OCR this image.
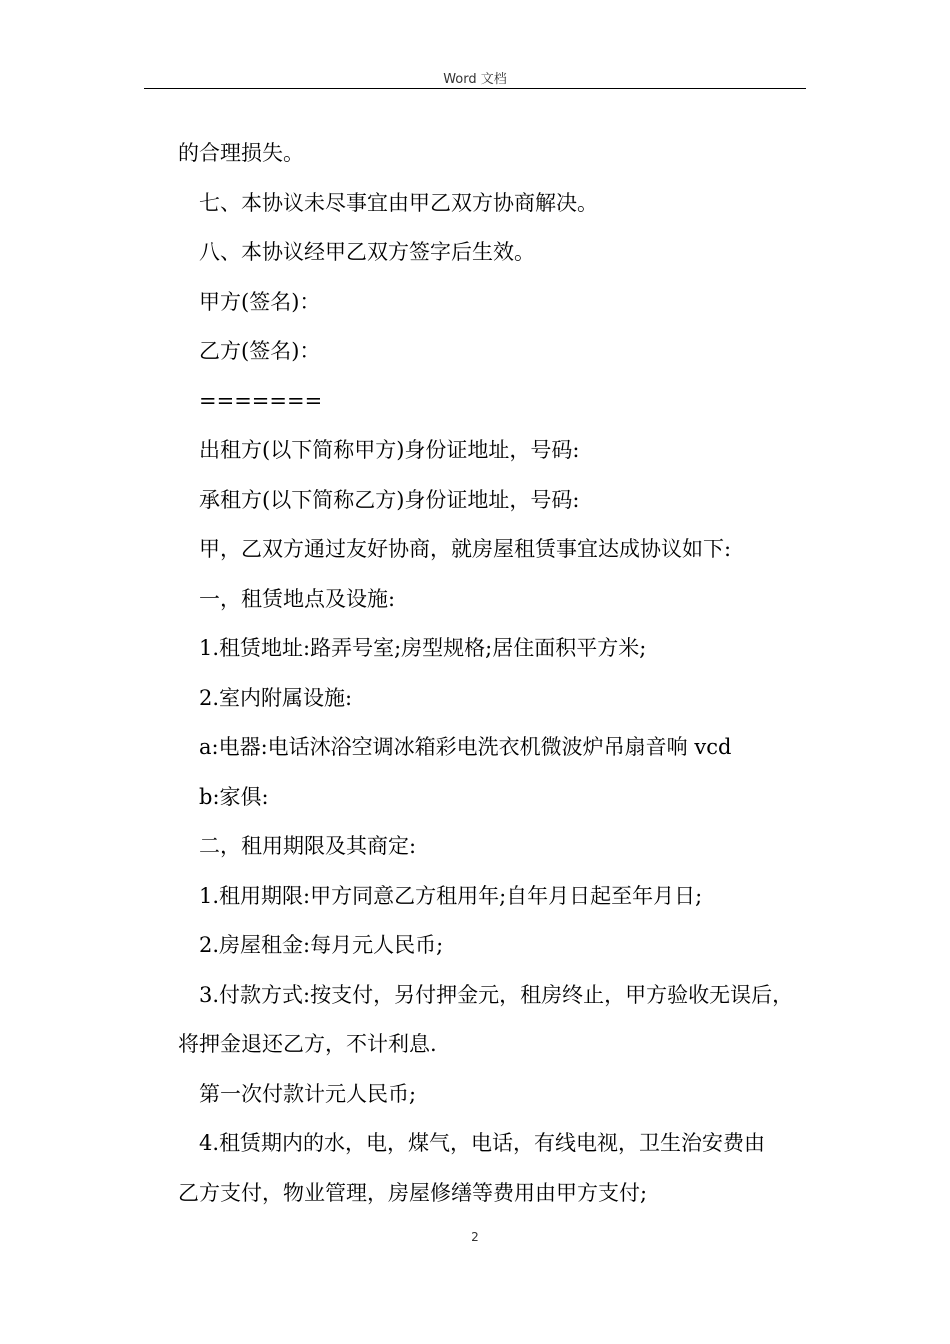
Word 文档
的合理损失。
七、本协议未尽事宜由甲乙双方协商解决。
八、本协议经甲乙双方签字后生效。
甲方(签名)：
乙方(签名)：
=======
出租方(以下简称甲方)身份证地址，号码:
承租方(以下简称乙方)身份证地址，号码:
甲，乙双方通过友好协商，就房屋租赁事宜达成协议如下:
一，租赁地点及设施:
1.租赁地址:路弄号室;房型规格;居住面积平方米;
2.室内附属设施:
a:电器:电话沐浴空调冰箱彩电洗衣机微波炉吊扇音响 vcd
b:家俱:
二，租用期限及其商定:
1.租用期限:甲方同意乙方租用年;自年月日起至年月日;
2.房屋租金:每月元人民币;
3.付款方式:按支付，另付押金元，租房终止，甲方验收无误后，
将押金退还乙方，不计利息.
第一次付款计元人民币;
4.租赁期内的水，电，煤气，电话，有线电视，卫生治安费由
乙方支付，物业管理，房屋修缮等费用由甲方支付;
2
